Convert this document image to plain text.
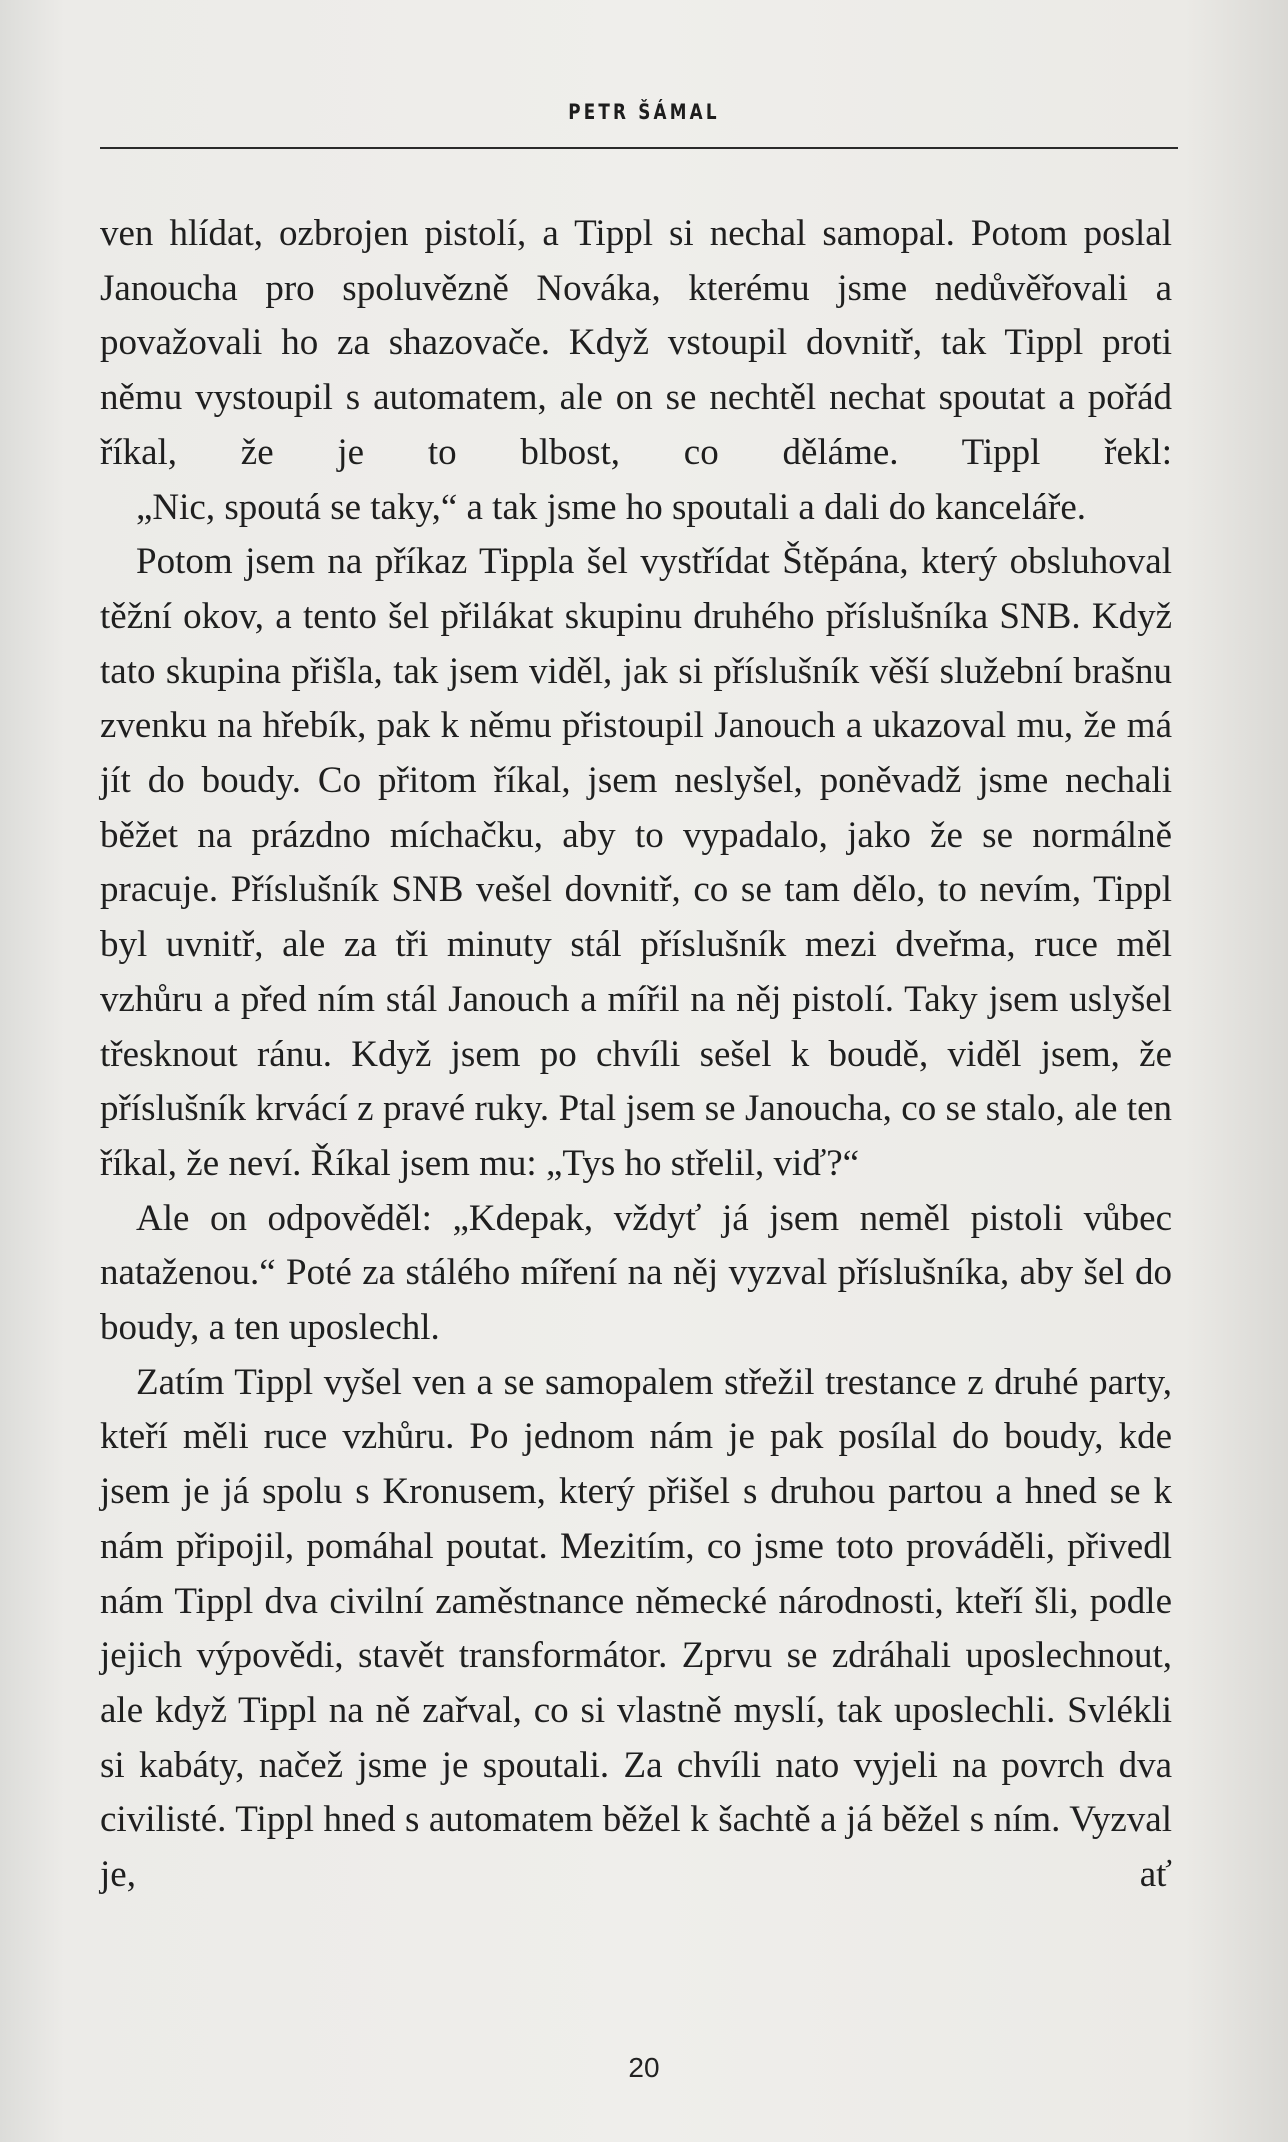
PETR ŠÁMAL

ven hlídat, ozbrojen pistolí, a Tippl si nechal samopal. Potom poslal Janoucha pro spoluvězně Nováka, kterému jsme nedůvěřovali a považovali ho za shazovače. Když vstoupil dovnitř, tak Tippl proti němu vystoupil s automatem, ale on se nechtěl nechat spoutat a pořád říkal, že je to blbost, co děláme. Tippl řekl:

„Nic, spoutá se taky,“ a tak jsme ho spoutali a dali do kanceláře.

Potom jsem na příkaz Tippla šel vystřídat Štěpána, který obsluhoval těžní okov, a tento šel přilákat skupinu druhého příslušníka SNB. Když tato skupina přišla, tak jsem viděl, jak si příslušník věší služební brašnu zvenku na hřebík, pak k němu přistoupil Janouch a ukazoval mu, že má jít do boudy. Co přitom říkal, jsem neslyšel, poněvadž jsme nechali běžet na prázdno míchačku, aby to vypadalo, jako že se normálně pracuje. Příslušník SNB vešel dovnitř, co se tam dělo, to nevím, Tippl byl uvnitř, ale za tři minuty stál příslušník mezi dveřma, ruce měl vzhůru a před ním stál Janouch a mířil na něj pistolí. Taky jsem uslyšel třesknout ránu. Když jsem po chvíli sešel k boudě, viděl jsem, že příslušník krvácí z pravé ruky. Ptal jsem se Janoucha, co se stalo, ale ten říkal, že neví. Říkal jsem mu: „Tys ho střelil, viď?“

Ale on odpověděl: „Kdepak, vždyť já jsem neměl pistoli vůbec nataženou.“ Poté za stálého míření na něj vyzval příslušníka, aby šel do boudy, a ten uposlechl.

Zatím Tippl vyšel ven a se samopalem střežil trestance z druhé party, kteří měli ruce vzhůru. Po jednom nám je pak posílal do boudy, kde jsem je já spolu s Kronusem, který přišel s druhou partou a hned se k nám připojil, pomáhal poutat. Mezitím, co jsme toto prováděli, přivedl nám Tippl dva civilní zaměstnance německé národnosti, kteří šli, podle jejich výpovědi, stavět transformátor. Zprvu se zdráhali uposlechnout, ale když Tippl na ně zařval, co si vlastně myslí, tak uposlechli. Svlékli si kabáty, načež jsme je spoutali. Za chvíli nato vyjeli na povrch dva civilisté. Tippl hned s automatem běžel k šachtě a já běžel s ním. Vyzval je, ať

20
